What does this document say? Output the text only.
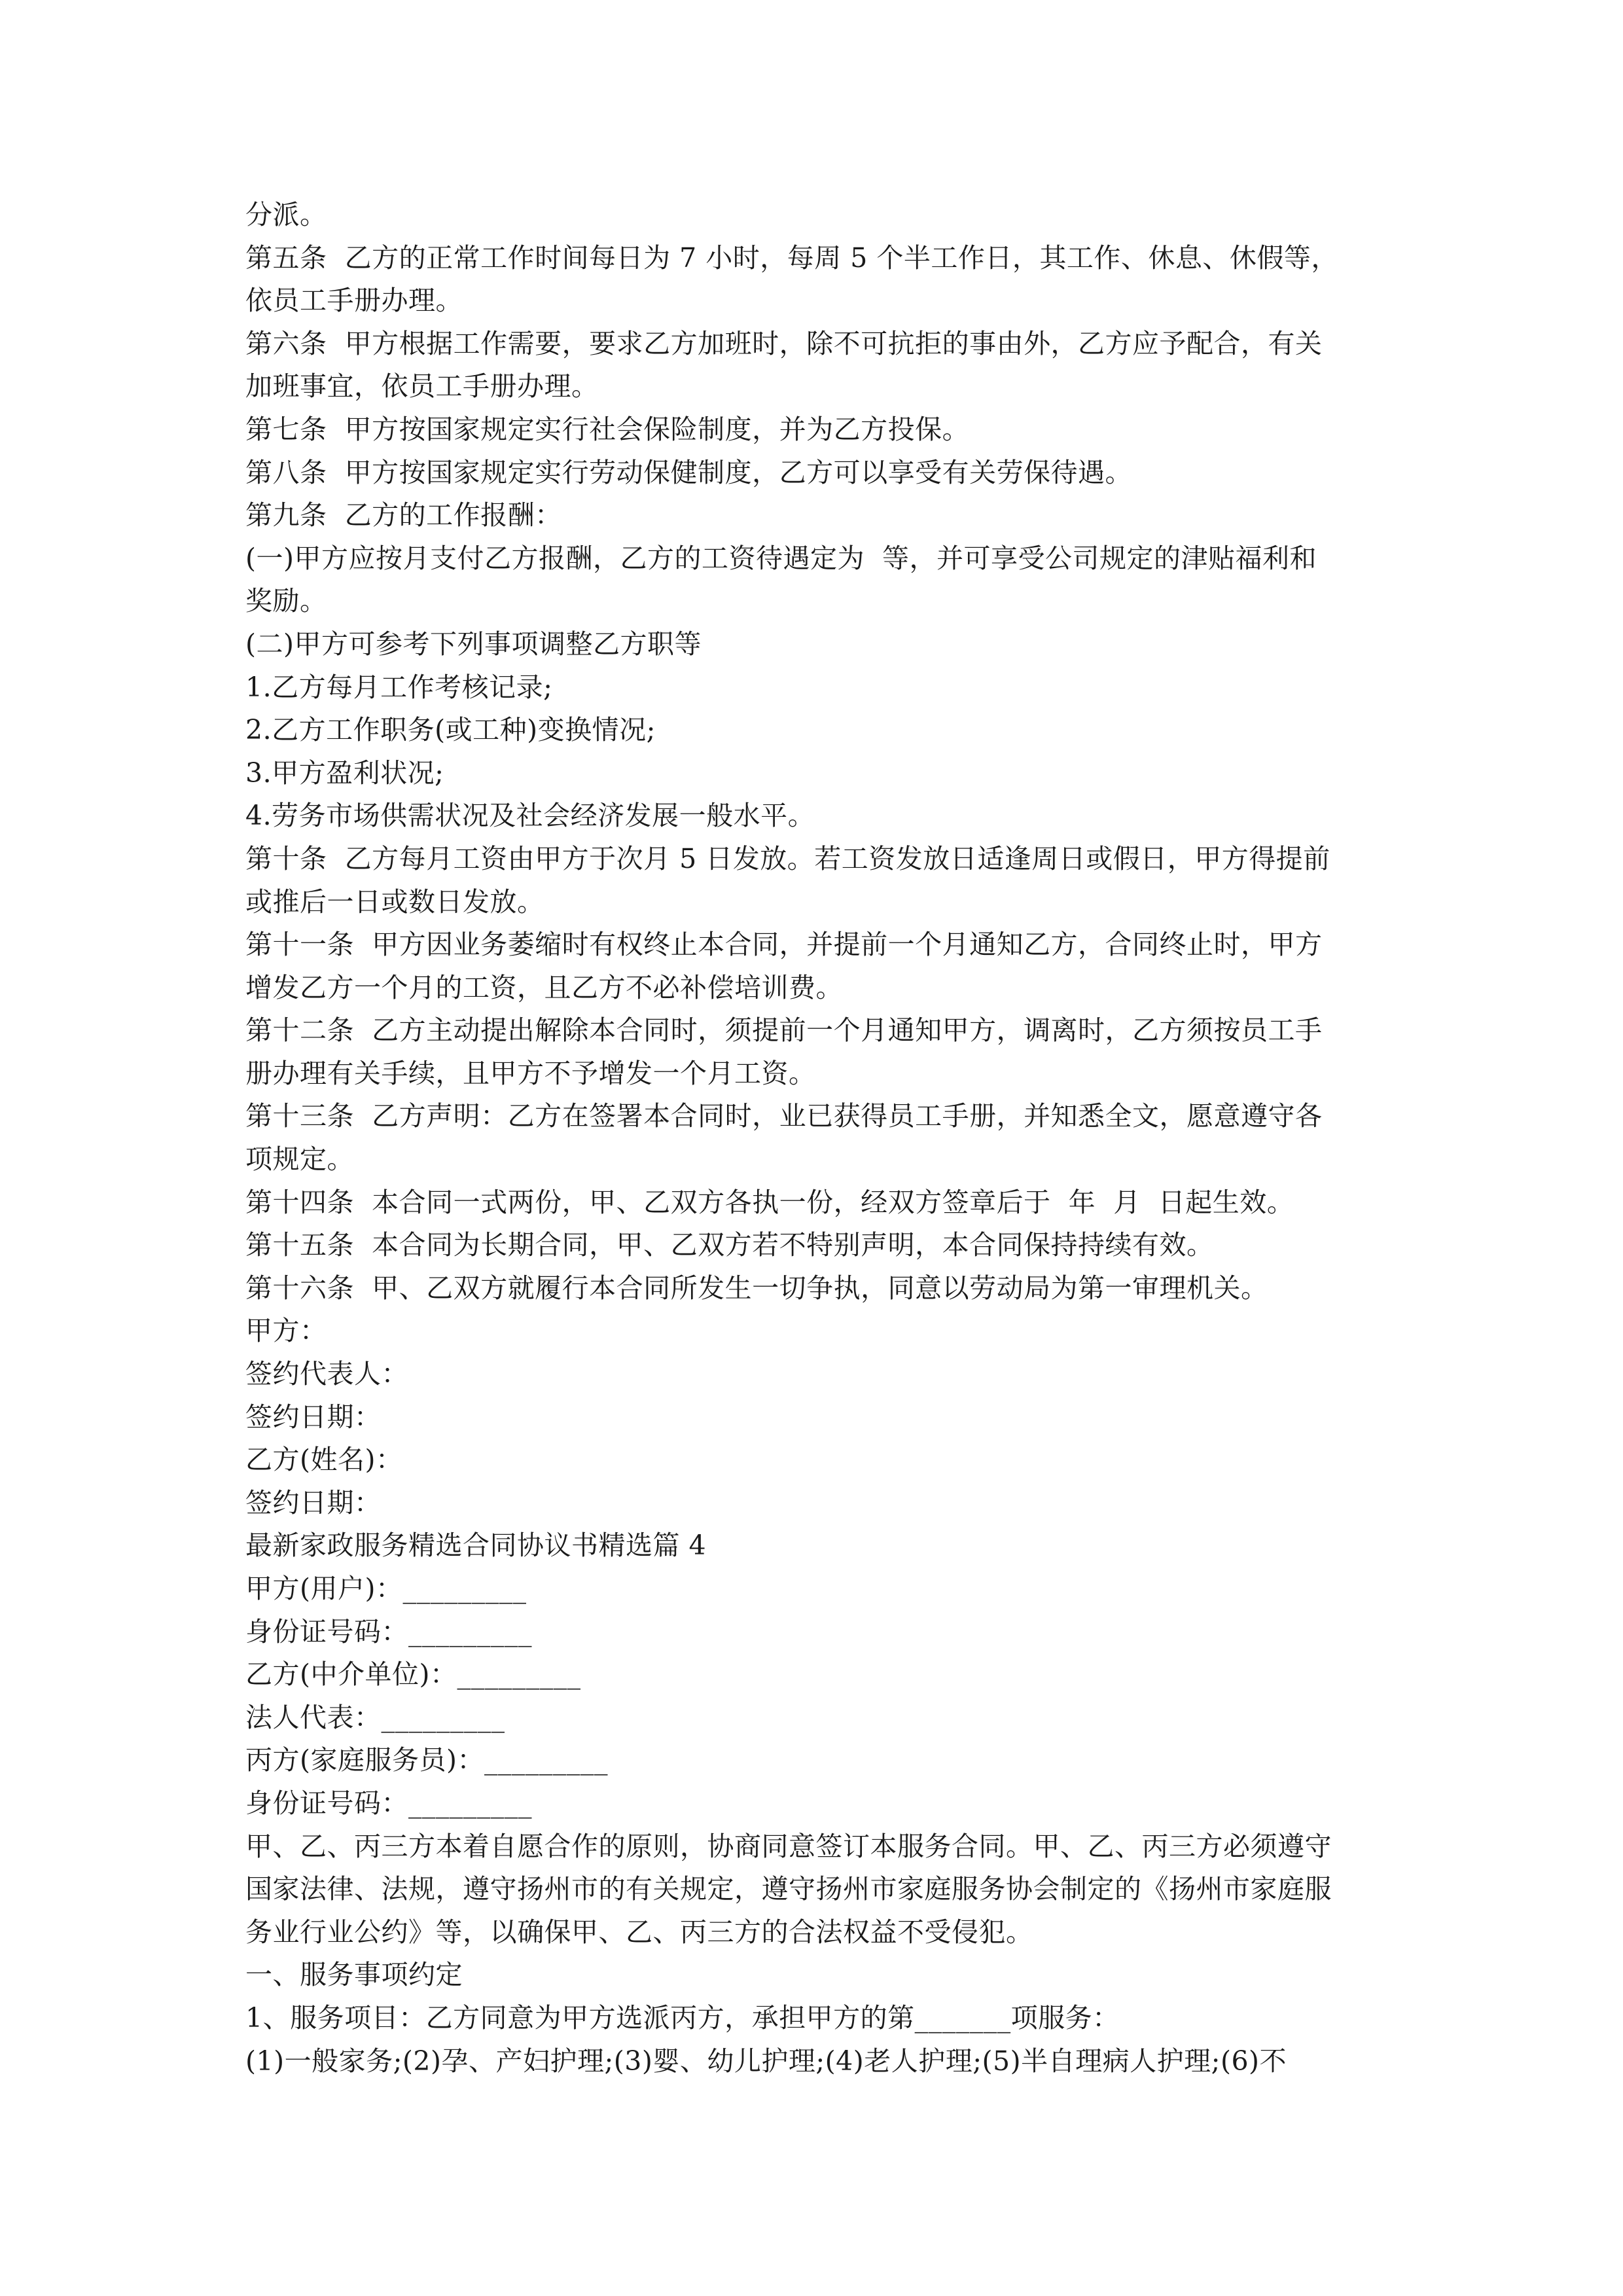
分派。
第五条  乙方的正常工作时间每日为 7 小时，每周 5 个半工作日，其工作、休息、休假等，
依员工手册办理。
第六条  甲方根据工作需要，要求乙方加班时，除不可抗拒的事由外，乙方应予配合，有关
加班事宜，依员工手册办理。
第七条  甲方按国家规定实行社会保险制度，并为乙方投保。
第八条  甲方按国家规定实行劳动保健制度，乙方可以享受有关劳保待遇。
第九条  乙方的工作报酬：
(一)甲方应按月支付乙方报酬，乙方的工资待遇定为  等，并可享受公司规定的津贴福利和
奖励。
(二)甲方可参考下列事项调整乙方职等
1.乙方每月工作考核记录;
2.乙方工作职务(或工种)变换情况;
3.甲方盈利状况;
4.劳务市场供需状况及社会经济发展一般水平。
第十条  乙方每月工资由甲方于次月 5 日发放。若工资发放日适逢周日或假日，甲方得提前
或推后一日或数日发放。
第十一条  甲方因业务萎缩时有权终止本合同，并提前一个月通知乙方，合同终止时，甲方
增发乙方一个月的工资，且乙方不必补偿培训费。
第十二条  乙方主动提出解除本合同时，须提前一个月通知甲方，调离时，乙方须按员工手
册办理有关手续，且甲方不予增发一个月工资。
第十三条  乙方声明：乙方在签署本合同时，业已获得员工手册，并知悉全文，愿意遵守各
项规定。
第十四条  本合同一式两份，甲、乙双方各执一份，经双方签章后于  年  月  日起生效。
第十五条  本合同为长期合同，甲、乙双方若不特别声明，本合同保持持续有效。
第十六条  甲、乙双方就履行本合同所发生一切争执，同意以劳动局为第一审理机关。
甲方：
签约代表人：
签约日期：
乙方(姓名)：
签约日期：
最新家政服务精选合同协议书精选篇 4
甲方(用户)：_________
身份证号码：_________
乙方(中介单位)：_________
法人代表：_________
丙方(家庭服务员)：_________
身份证号码：_________
甲、乙、丙三方本着自愿合作的原则，协商同意签订本服务合同。甲、乙、丙三方必须遵守
国家法律、法规，遵守扬州市的有关规定，遵守扬州市家庭服务协会制定的《扬州市家庭服
务业行业公约》等，以确保甲、乙、丙三方的合法权益不受侵犯。
一、服务事项约定
1、服务项目：乙方同意为甲方选派丙方，承担甲方的第_______项服务：
(1)一般家务;(2)孕、产妇护理;(3)婴、幼儿护理;(4)老人护理;(5)半自理病人护理;(6)不
